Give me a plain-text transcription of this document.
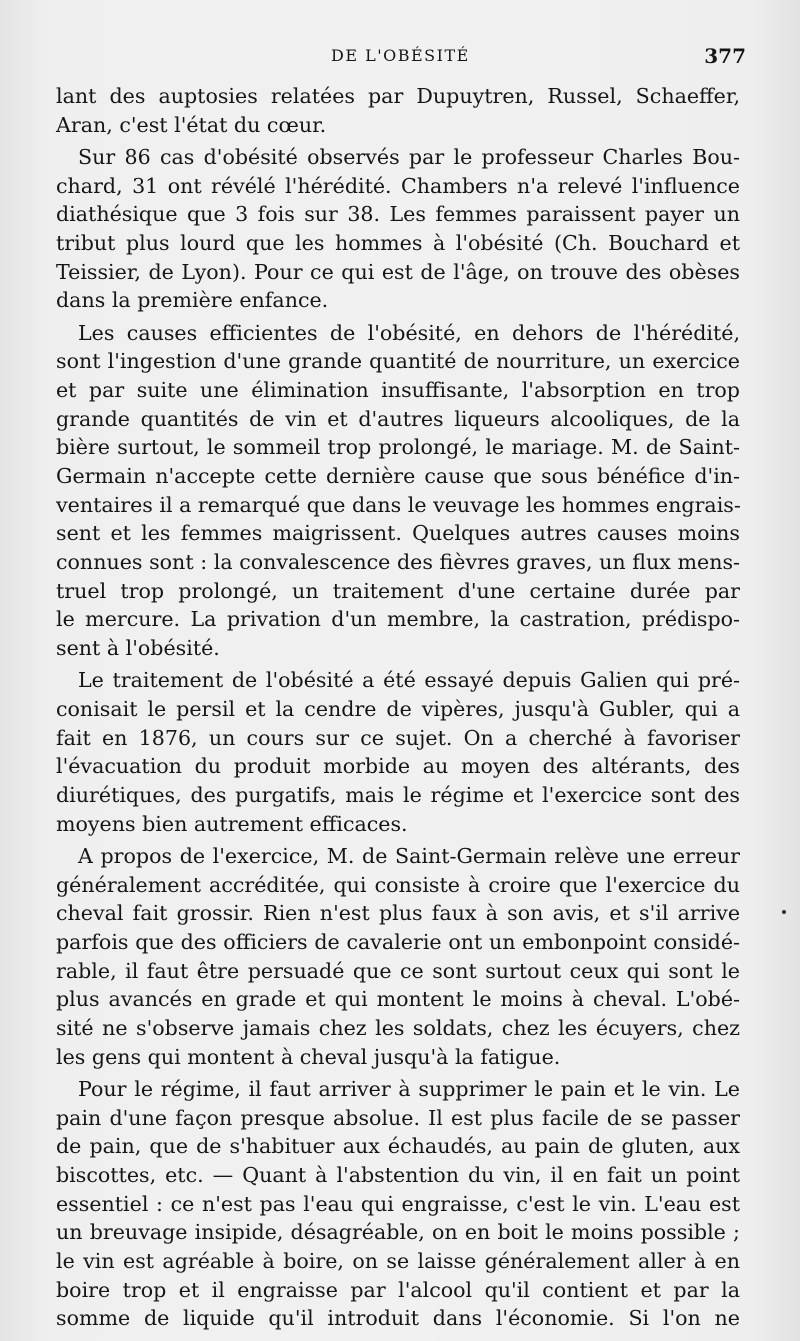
DE L'OBÉSITÉ	377
lant des auptosies relatées par Dupuytren, Russel, Schaeffer,
Aran, c'est l'état du cœur.
Sur 86 cas d'obésité observés par le professeur Charles Bou-
chard, 31 ont révélé l'hérédité. Chambers n'a relevé l'influence
diathésique que 3 fois sur 38. Les femmes paraissent payer un
tribut plus lourd que les hommes à l'obésité (Ch. Bouchard et
Teissier, de Lyon). Pour ce qui est de l'âge, on trouve des obèses
dans la première enfance.
Les causes efficientes de l'obésité, en dehors de l'hérédité,
sont l'ingestion d'une grande quantité de nourriture, un exercice
et par suite une élimination insuffisante, l'absorption en trop
grande quantités de vin et d'autres liqueurs alcooliques, de la
bière surtout, le sommeil trop prolongé, le mariage. M. de Saint-
Germain n'accepte cette dernière cause que sous bénéfice d'in-
ventaires il a remarqué que dans le veuvage les hommes engrais-
sent et les femmes maigrissent. Quelques autres causes moins
connues sont : la convalescence des fièvres graves, un flux mens-
truel trop prolongé, un traitement d'une certaine durée par
le mercure. La privation d'un membre, la castration, prédispo-
sent à l'obésité.
Le traitement de l'obésité a été essayé depuis Galien qui pré-
conisait le persil et la cendre de vipères, jusqu'à Gubler, qui a
fait en 1876, un cours sur ce sujet. On a cherché à favoriser
l'évacuation du produit morbide au moyen des altérants, des
diurétiques, des purgatifs, mais le régime et l'exercice sont des
moyens bien autrement efficaces.
A propos de l'exercice, M. de Saint-Germain relève une erreur
généralement accréditée, qui consiste à croire que l'exercice du
cheval fait grossir. Rien n'est plus faux à son avis, et s'il arrive
parfois que des officiers de cavalerie ont un embonpoint considé-
rable, il faut être persuadé que ce sont surtout ceux qui sont le
plus avancés en grade et qui montent le moins à cheval. L'obé-
sité ne s'observe jamais chez les soldats, chez les écuyers, chez
les gens qui montent à cheval jusqu'à la fatigue.
Pour le régime, il faut arriver à supprimer le pain et le vin. Le
pain d'une façon presque absolue. Il est plus facile de se passer
de pain, que de s'habituer aux échaudés, au pain de gluten, aux
biscottes, etc. — Quant à l'abstention du vin, il en fait un point
essentiel : ce n'est pas l'eau qui engraisse, c'est le vin. L'eau est
un breuvage insipide, désagréable, on en boit le moins possible ;
le vin est agréable à boire, on se laisse généralement aller à en
boire trop et il engraisse par l'alcool qu'il contient et par la
somme de liquide qu'il introduit dans l'économie. Si l'on ne
